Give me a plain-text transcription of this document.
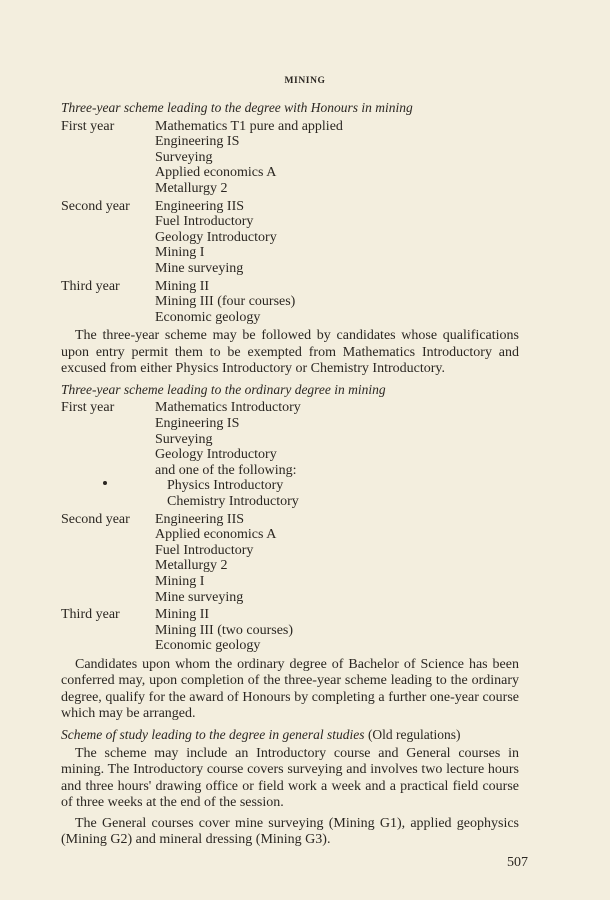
MINING
Three-year scheme leading to the degree with Honours in mining
First year	Mathematics T1 pure and applied
Engineering IS
Surveying
Applied economics A
Metallurgy 2
Second year	Engineering IIS
Fuel Introductory
Geology Introductory
Mining I
Mine surveying
Third year	Mining II
Mining III (four courses)
Economic geology

The three-year scheme may be followed by candidates whose qualifications upon entry permit them to be exempted from Mathematics Introductory and excused from either Physics Introductory or Chemistry Introductory.

Three-year scheme leading to the ordinary degree in mining
First year	Mathematics Introductory
Engineering IS
Surveying
Geology Introductory
and one of the following:
Physics Introductory
Chemistry Introductory
Second year	Engineering IIS
Applied economics A
Fuel Introductory
Metallurgy 2
Mining I
Mine surveying
Third year	Mining II
Mining III (two courses)
Economic geology

Candidates upon whom the ordinary degree of Bachelor of Science has been conferred may, upon completion of the three-year scheme leading to the ordinary degree, qualify for the award of Honours by completing a further one-year course which may be arranged.

Scheme of study leading to the degree in general studies (Old regulations)

The scheme may include an Introductory course and General courses in mining. The Introductory course covers surveying and involves two lecture hours and three hours' drawing office or field work a week and a practical field course of three weeks at the end of the session.

The General courses cover mine surveying (Mining G1), applied geophysics (Mining G2) and mineral dressing (Mining G3).

507
